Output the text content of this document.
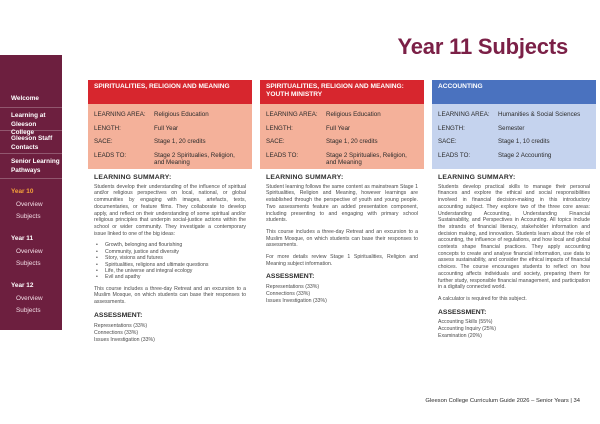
Welcome
Learning at Gleeson College
Gleeson Staff Contacts
Senior Learning Pathways
Year 10
Overview
Subjects
Year 11
Overview
Subjects
Year 12
Overview
Subjects
Year 11 Subjects
SPIRITUALITIES, RELIGION AND MEANING
LEARNING AREA:	Religious Education
LENGTH:	Full Year
SACE:	Stage 1, 20 credits
LEADS TO:	Stage 2 Spiritualies, Religion, and Meaning
LEARNING SUMMARY:
Students develop their understanding of the influence of spiritual and/or religious perspectives on local, national, or global communities by engaging with images, artefacts, texts, documentaries, or feature films. They collaborate to develop apply, and reflect on their understanding of some spiritual and/or religious principles that underpin social-justice actions within the school or wider community. They investigate a contemporary issue linked to one of the big ideas:
• Growth, belonging and flourishing
• Community, justice and diversity
• Story, visions and futures
• Spiritualities, religions and ultimate questions
• Life, the universe and integral ecology
• Evil and apathy
This course includes a three-day Retreat and an excursion to a Muslim Mosque, on which students can base their responses to assessments.
ASSESSMENT:
Representations (33%)
Connections (33%)
Issues Investigation (33%)
SPIRITUALITIES, RELIGION AND MEANING: YOUTH MINISTRY
LEARNING AREA:	Religious Education
LENGTH:	Full Year
SACE:	Stage 1, 20 credits
LEADS TO:	Stage 2 Spiritualies, Religion, and Meaning
LEARNING SUMMARY:
Student learning follows the same content as mainstream Stage 1 Spiritualities, Religion and Meaning, however learnings are established through the perspective of youth and young people. Two assessments feature an added presentation component, including presenting to and engaging with primary school students.
This course includes a three-day Retreat and an excursion to a Muslim Mosque, on which students can base their responses to assessments.
For more details review Stage 1 Spiritualities, Religion and Meaning subject information.
ASSESSMENT:
Representations (33%)
Connections (33%)
Issues Investigation (33%)
ACCOUNTING
LEARNING AREA:	Humanities & Social Sciences
LENGTH:	Semester
SACE:	Stage 1, 10 credits
LEADS TO:	Stage 2 Accounting
LEARNING SUMMARY:
Students develop practical skills to manage their personal finances and explore the ethical and social responsibilities involved in financial decision-making in this introductory accounting subject. They explore two of the three core areas: Understanding Accounting, Understanding Financial Sustainability, and Perspectives in Accounting. All topics include the strands of financial literacy, stakeholder information and decision making, and innovation. Students learn about the role of accounting, the influence of regulations, and how local and global contexts shape financial practices. They apply accounting concepts to create and analyse financial information, use data to assess sustainability, and consider the ethical impacts of financial choices. The course encourages students to reflect on how accounting affects individuals and society, preparing them for further study, responsible financial management, and participation in a digitally connected world.
A calculator is required for this subject.
ASSESSMENT:
Accounting Skills (55%)
Accounting Inquiry (25%)
Examination (20%)
Gleeson College Curriculum Guide 2026 – Senior Years | 34
